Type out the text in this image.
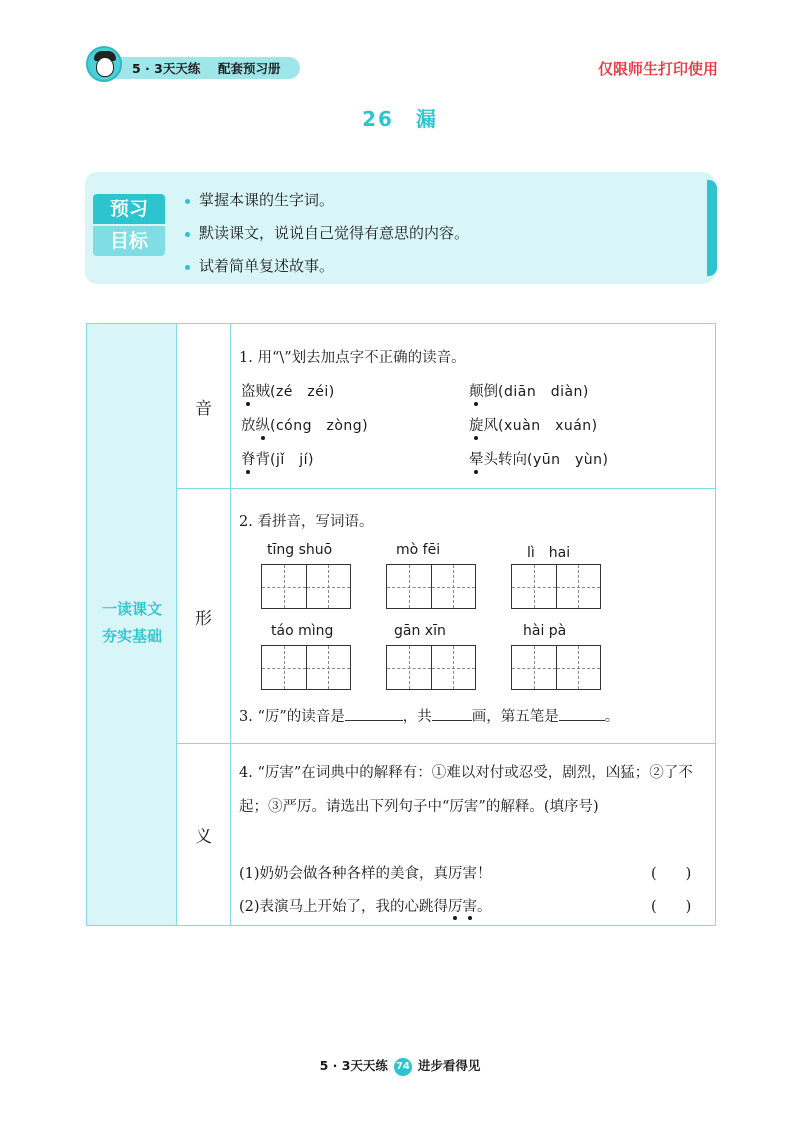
5 · 3天天练 配套预习册	仅限师生打印使用
26 漏
预习
目标
掌握本课的生字词。
默读课文，说说自己觉得有意思的内容。
试着简单复述故事。
一读课文
夯实基础
音
1. 用“\”划去加点字不正确的读音。
盗贼(zé　zéi)	颠倒(diān　diàn)
放纵(cóng　zòng)	旋风(xuàn　xuán)
脊背(jǐ　jí)	晕头转向(yūn　yùn)
形
2. 看拼音，写词语。
tīng shuō	mò fēi	lì　hai
táo mìng	gān xīn	hài pà
3. “厉”的读音是	，共	画，第五笔是	。
义
4. “厉害”在词典中的解释有：①难以对付或忍受，剧烈，凶猛；②了不起；③严厉。请选出下列句子中“厉害”的解释。(填序号)
(1)奶奶会做各种各样的美食，真厉害！	(　　)
(2)表演马上开始了，我的心跳得厉害。	(　　)
5 · 3天天练 74 进步看得见
